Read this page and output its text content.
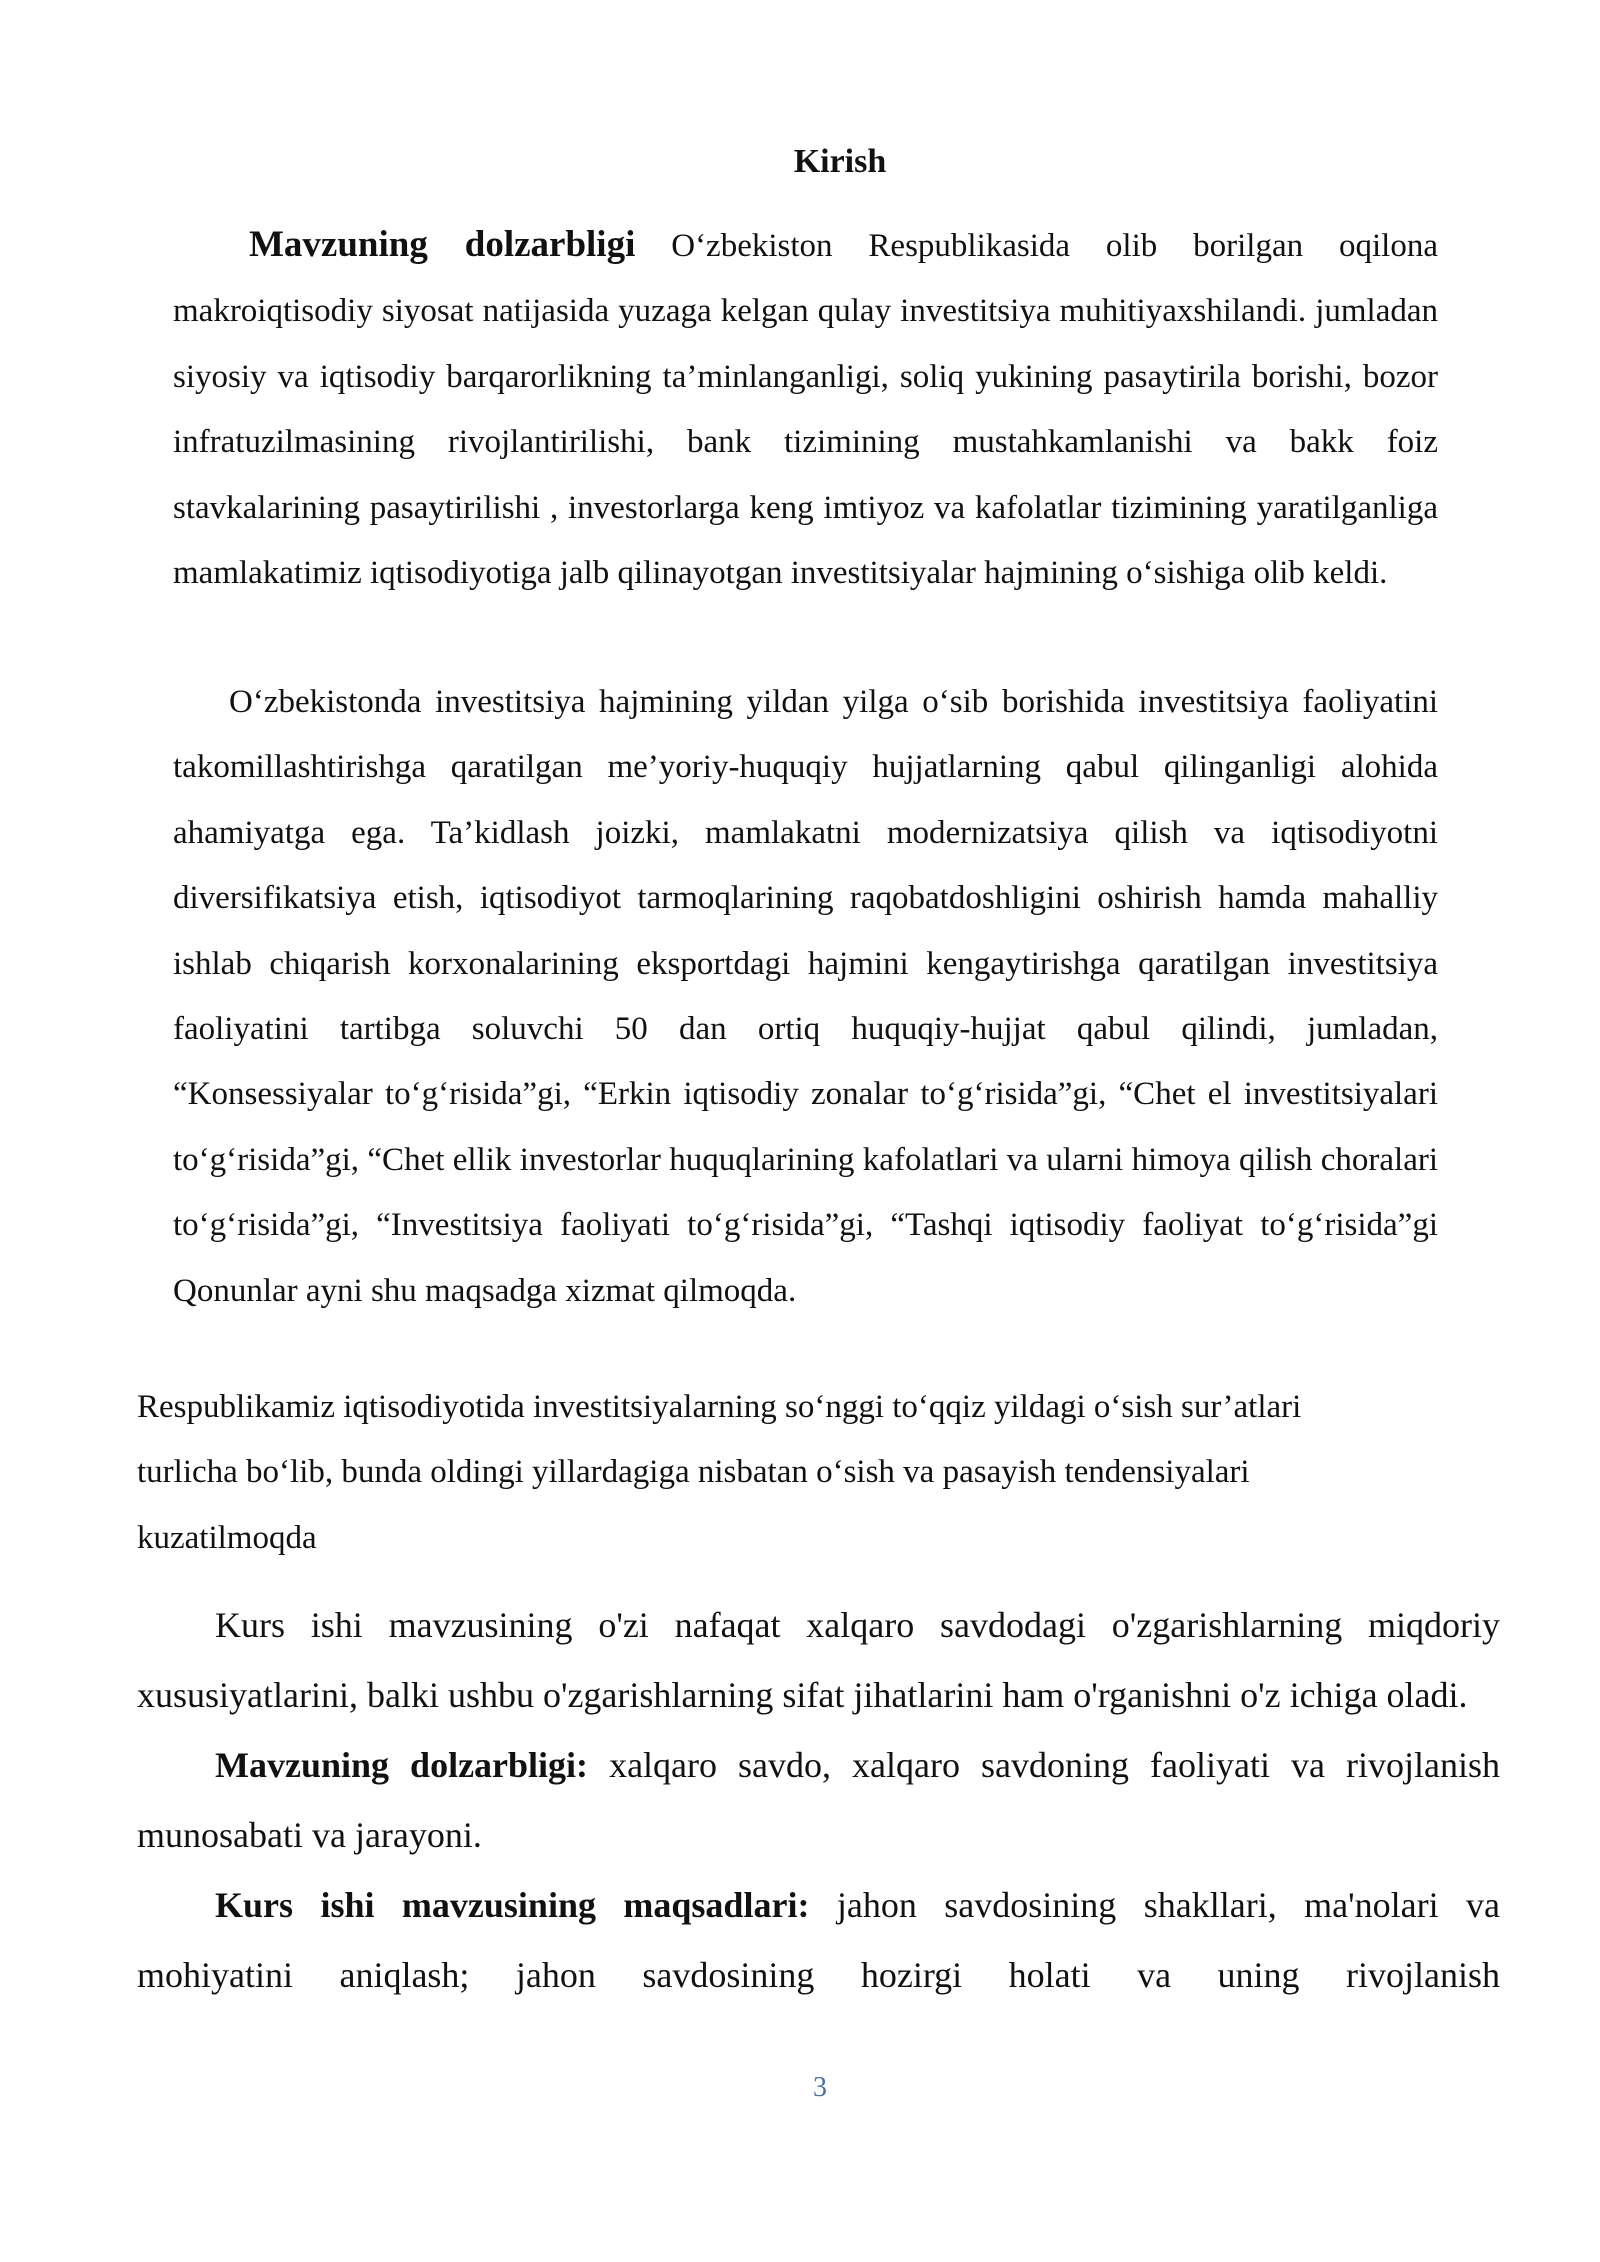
Kirish

Mavzuning dolzarbligi O‘zbekiston Respublikasida olib borilgan oqilona makroiqtisodiy siyosat natijasida yuzaga kelgan qulay investitsiya muhitiyaxshilandi. jumladan siyosiy va iqtisodiy barqarorlikning ta’minlanganligi, soliq yukining pasaytirila borishi, bozor infratuzilmasining rivojlantirilishi, bank tizimining mustahkamlanishi va bakk foiz stavkalarining pasaytirilishi , investorlarga keng imtiyoz va kafolatlar tizimining yaratilganliga mamlakatimiz iqtisodiyotiga jalb qilinayotgan investitsiyalar hajmining o‘sishiga olib keldi.

O‘zbekistonda investitsiya hajmining yildan yilga o‘sib borishida investitsiya faoliyatini takomillashtirishga qaratilgan me’yoriy-huquqiy hujjatlarning qabul qilinganligi alohida ahamiyatga ega. Ta’kidlash joizki, mamlakatni modernizatsiya qilish va iqtisodiyotni diversifikatsiya etish, iqtisodiyot tarmoqlarining raqobatdoshligini oshirish hamda mahalliy ishlab chiqarish korxonalarining eksportdagi hajmini kengaytirishga qaratilgan investitsiya faoliyatini tartibga soluvchi 50 dan ortiq huquqiy-hujjat qabul qilindi, jumladan, “Konsessiyalar to‘g‘risida”gi, “Erkin iqtisodiy zonalar to‘g‘risida”gi, “Chet el investitsiyalari to‘g‘risida”gi, “Chet ellik investorlar huquqlarining kafolatlari va ularni himoya qilish choralari to‘g‘risida”gi, “Investitsiya faoliyati to‘g‘risida”gi, “Tashqi iqtisodiy faoliyat to‘g‘risida”gi Qonunlar ayni shu maqsadga xizmat qilmoqda.

Respublikamiz iqtisodiyotida investitsiyalarning so‘nggi to‘qqiz yildagi o‘sish sur’atlari

turlicha bo‘lib, bunda oldingi yillardagiga nisbatan o‘sish va pasayish tendensiyalari

kuzatilmoqda

Kurs ishi mavzusining o'zi nafaqat xalqaro savdodagi o'zgarishlarning miqdoriy xususiyatlarini, balki ushbu o'zgarishlarning sifat jihatlarini ham o'rganishni o'z ichiga oladi.

Mavzuning dolzarbligi: xalqaro savdo, xalqaro savdoning faoliyati va rivojlanish munosabati va jarayoni.

Kurs ishi mavzusining maqsadlari: jahon savdosining shakllari, ma'nolari va mohiyatini aniqlash; jahon savdosining hozirgi holati va uning rivojlanish

3
